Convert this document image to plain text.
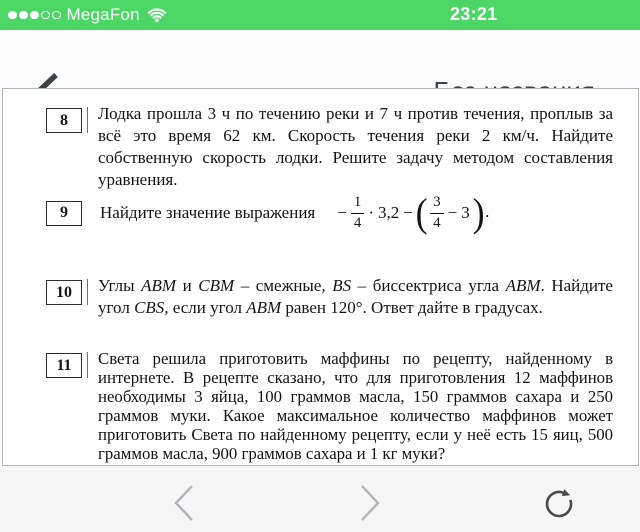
MegaFon	23:21
8	Лодка прошла 3 ч по течению реки и 7 ч против течения, проплыв за всё это время 62 км. Скорость течения реки 2 км/ч. Найдите собственную скорость лодки. Решите задачу методом составления уравнения.
9	Найдите значение выражения − $\frac{1}{4} \cdot 3,2$ − ( $\frac{3}{4} - 3$ ) .
10	Углы ABM и CBM – смежные, BS – биссектриса угла ABM. Найдите угол CBS, если угол ABM равен 120°. Ответ дайте в градусах.
11	Света решила приготовить маффины по рецепту, найденному в интернете. В рецепте сказано, что для приготовления 12 маффинов необходимы 3 яйца, 100 граммов масла, 150 граммов сахара и 250 граммов муки. Какое максимальное количество маффинов может приготовить Света по найденному рецепту, если у неё есть 15 яиц, 500 граммов масла, 900 граммов сахара и 1 кг муки?
